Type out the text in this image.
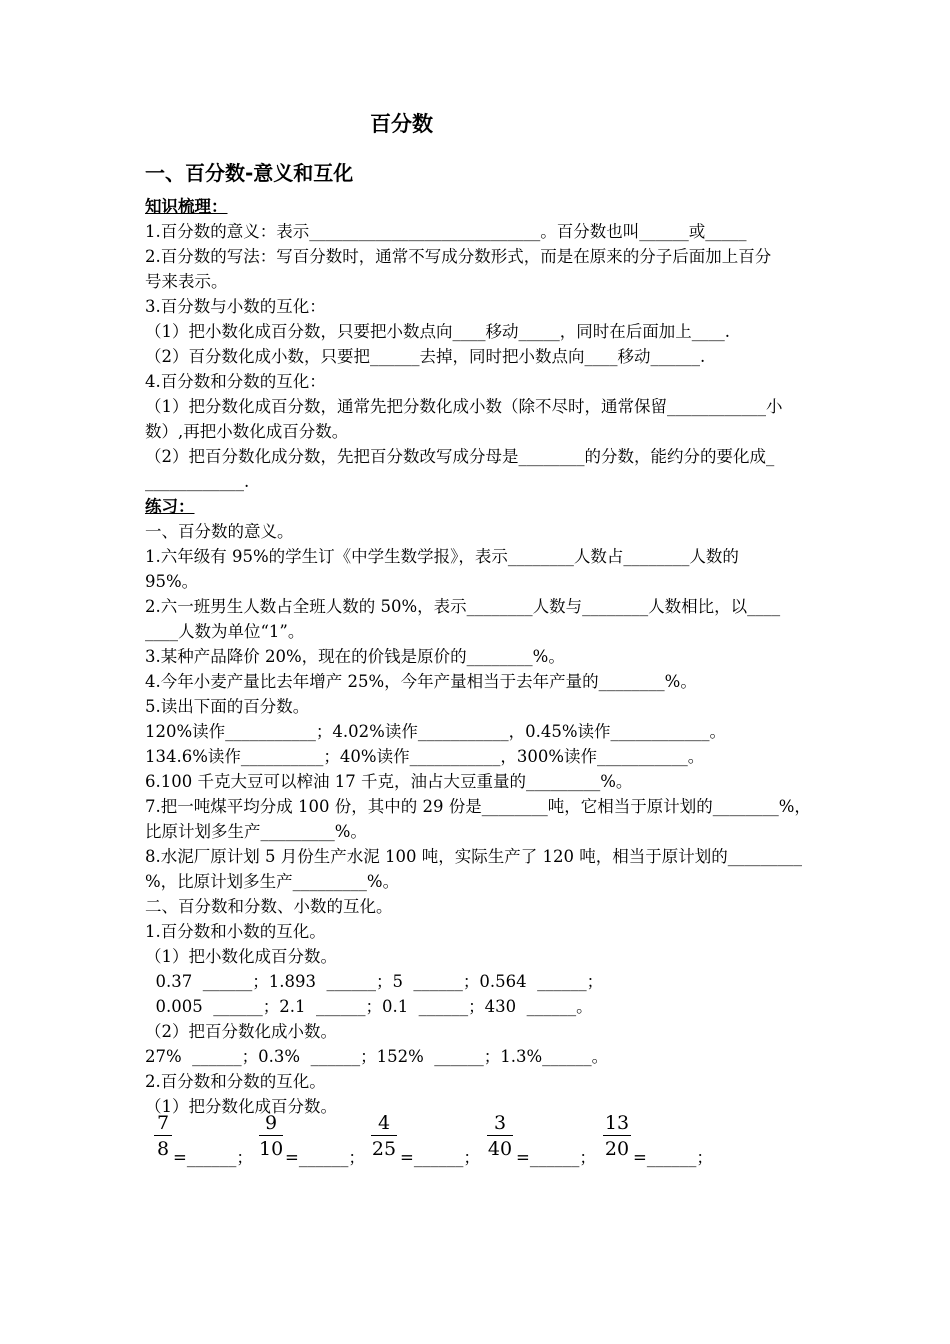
百分数
一、百分数-意义和互化
知识梳理：
1.百分数的意义：表示____________________________。百分数也叫______或_____
2.百分数的写法：写百分数时，通常不写成分数形式，而是在原来的分子后面加上百分
号来表示。
3.百分数与小数的互化：
（1）把小数化成百分数，只要把小数点向____移动_____，同时在后面加上____.
（2）百分数化成小数，只要把______去掉，同时把小数点向____移动______.
4.百分数和分数的互化：
（1）把分数化成百分数，通常先把分数化成小数（除不尽时，通常保留____________小
数）,再把小数化成百分数。
（2）把百分数化成分数，先把百分数改写成分母是________的分数，能约分的要化成_
____________.
练习：
一、百分数的意义。
1.六年级有 95%的学生订《中学生数学报》，表示________人数占________人数的
95%。
2.六一班男生人数占全班人数的 50%，表示________人数与________人数相比，以____
____人数为单位“1”。
3.某种产品降价 20%，现在的价钱是原价的________%。
4.今年小麦产量比去年增产 25%，今年产量相当于去年产量的________%。
5.读出下面的百分数。
120%读作___________；4.02%读作___________，0.45%读作____________。
134.6%读作__________；40%读作___________，300%读作___________。
6.100 千克大豆可以榨油 17 千克，油占大豆重量的_________%。
7.把一吨煤平均分成 100 份，其中的 29 份是________吨，它相当于原计划的________%，
比原计划多生产_________%。
8.水泥厂原计划 5 月份生产水泥 100 吨，实际生产了 120 吨，相当于原计划的_________
%，比原计划多生产_________%。
二、百分数和分数、小数的互化。
1.百分数和小数的互化。
（1）把小数化成百分数。
0.37  ______；1.893  ______；5  ______；0.564  ______；
0.005  ______；2.1  ______；0.1  ______；430  ______。
（2）把百分数化成小数。
27%  ______；0.3%  ______；152%  ______；1.3%______。
2.百分数和分数的互化。
（1）把分数化成百分数。
$\frac{7}{8}$
=______；
$\frac{9}{10}$
=______；
$\frac{4}{25}$
=______；
$\frac{3}{40}$
=______；
$\frac{13}{20}$
=______；
